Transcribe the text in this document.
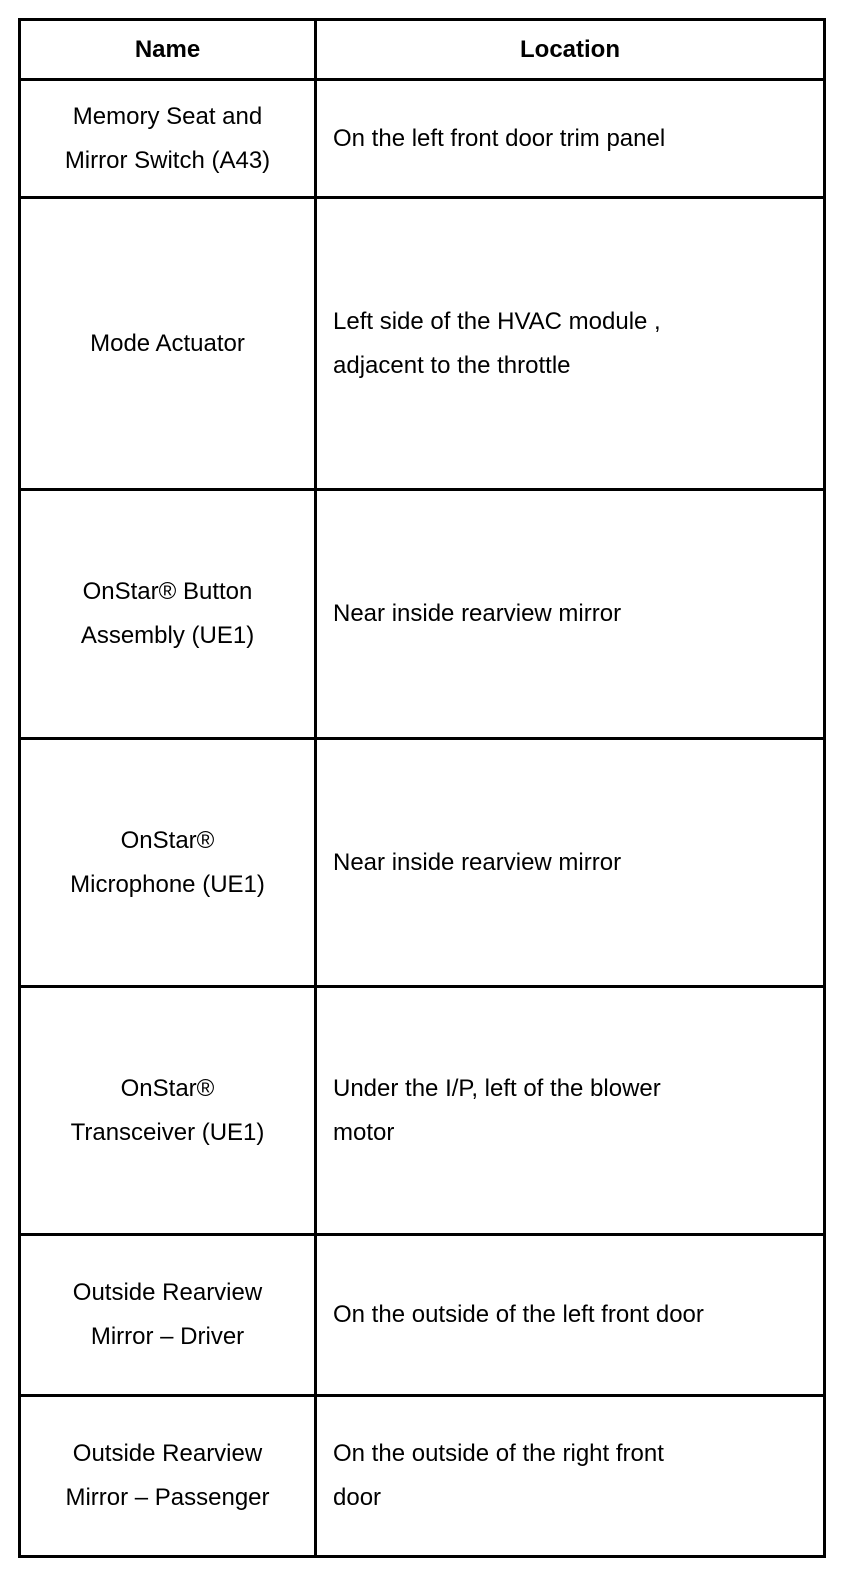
Name	Location

Memory Seat and
Mirror Switch (A43)	On the left front door trim panel

Mode Actuator	Left side of the HVAC module ,
adjacent to the throttle

OnStar® Button
Assembly (UE1)	Near inside rearview mirror

OnStar®
Microphone (UE1)	Near inside rearview mirror

OnStar®
Transceiver (UE1)	Under the I/P, left of the blower
motor

Outside Rearview
Mirror – Driver	On the outside of the left front door

Outside Rearview
Mirror – Passenger	On the outside of the right front
door
